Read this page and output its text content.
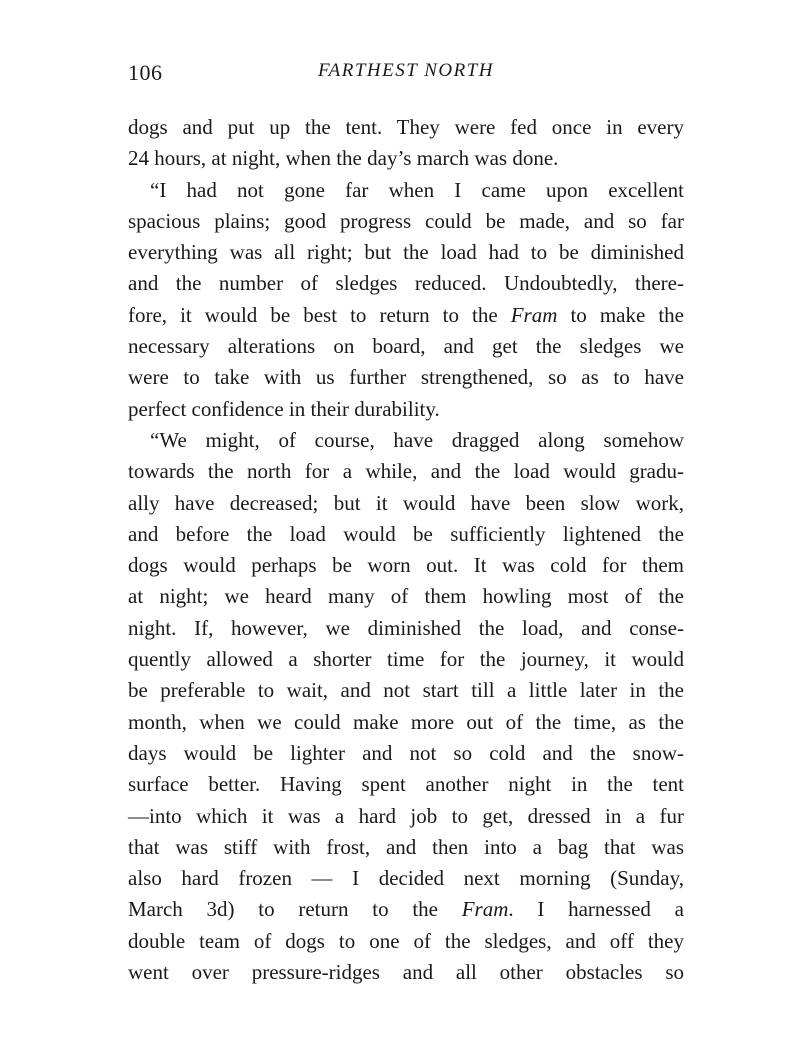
106	FARTHEST NORTH
dogs and put up the tent. They were fed once in every
24 hours, at night, when the day’s march was done.
“I had not gone far when I came upon excellent
spacious plains; good progress could be made, and so far
everything was all right; but the load had to be diminished
and the number of sledges reduced. Undoubtedly, there-
fore, it would be best to return to the Fram to make the
necessary alterations on board, and get the sledges we
were to take with us further strengthened, so as to have
perfect confidence in their durability.
“We might, of course, have dragged along somehow
towards the north for a while, and the load would gradu-
ally have decreased; but it would have been slow work,
and before the load would be sufficiently lightened the
dogs would perhaps be worn out. It was cold for them
at night; we heard many of them howling most of the
night. If, however, we diminished the load, and conse-
quently allowed a shorter time for the journey, it would
be preferable to wait, and not start till a little later in the
month, when we could make more out of the time, as the
days would be lighter and not so cold and the snow-
surface better. Having spent another night in the tent
—into which it was a hard job to get, dressed in a fur
that was stiff with frost, and then into a bag that was
also hard frozen — I decided next morning (Sunday,
March 3d) to return to the Fram. I harnessed a
double team of dogs to one of the sledges, and off they
went over pressure-ridges and all other obstacles so
